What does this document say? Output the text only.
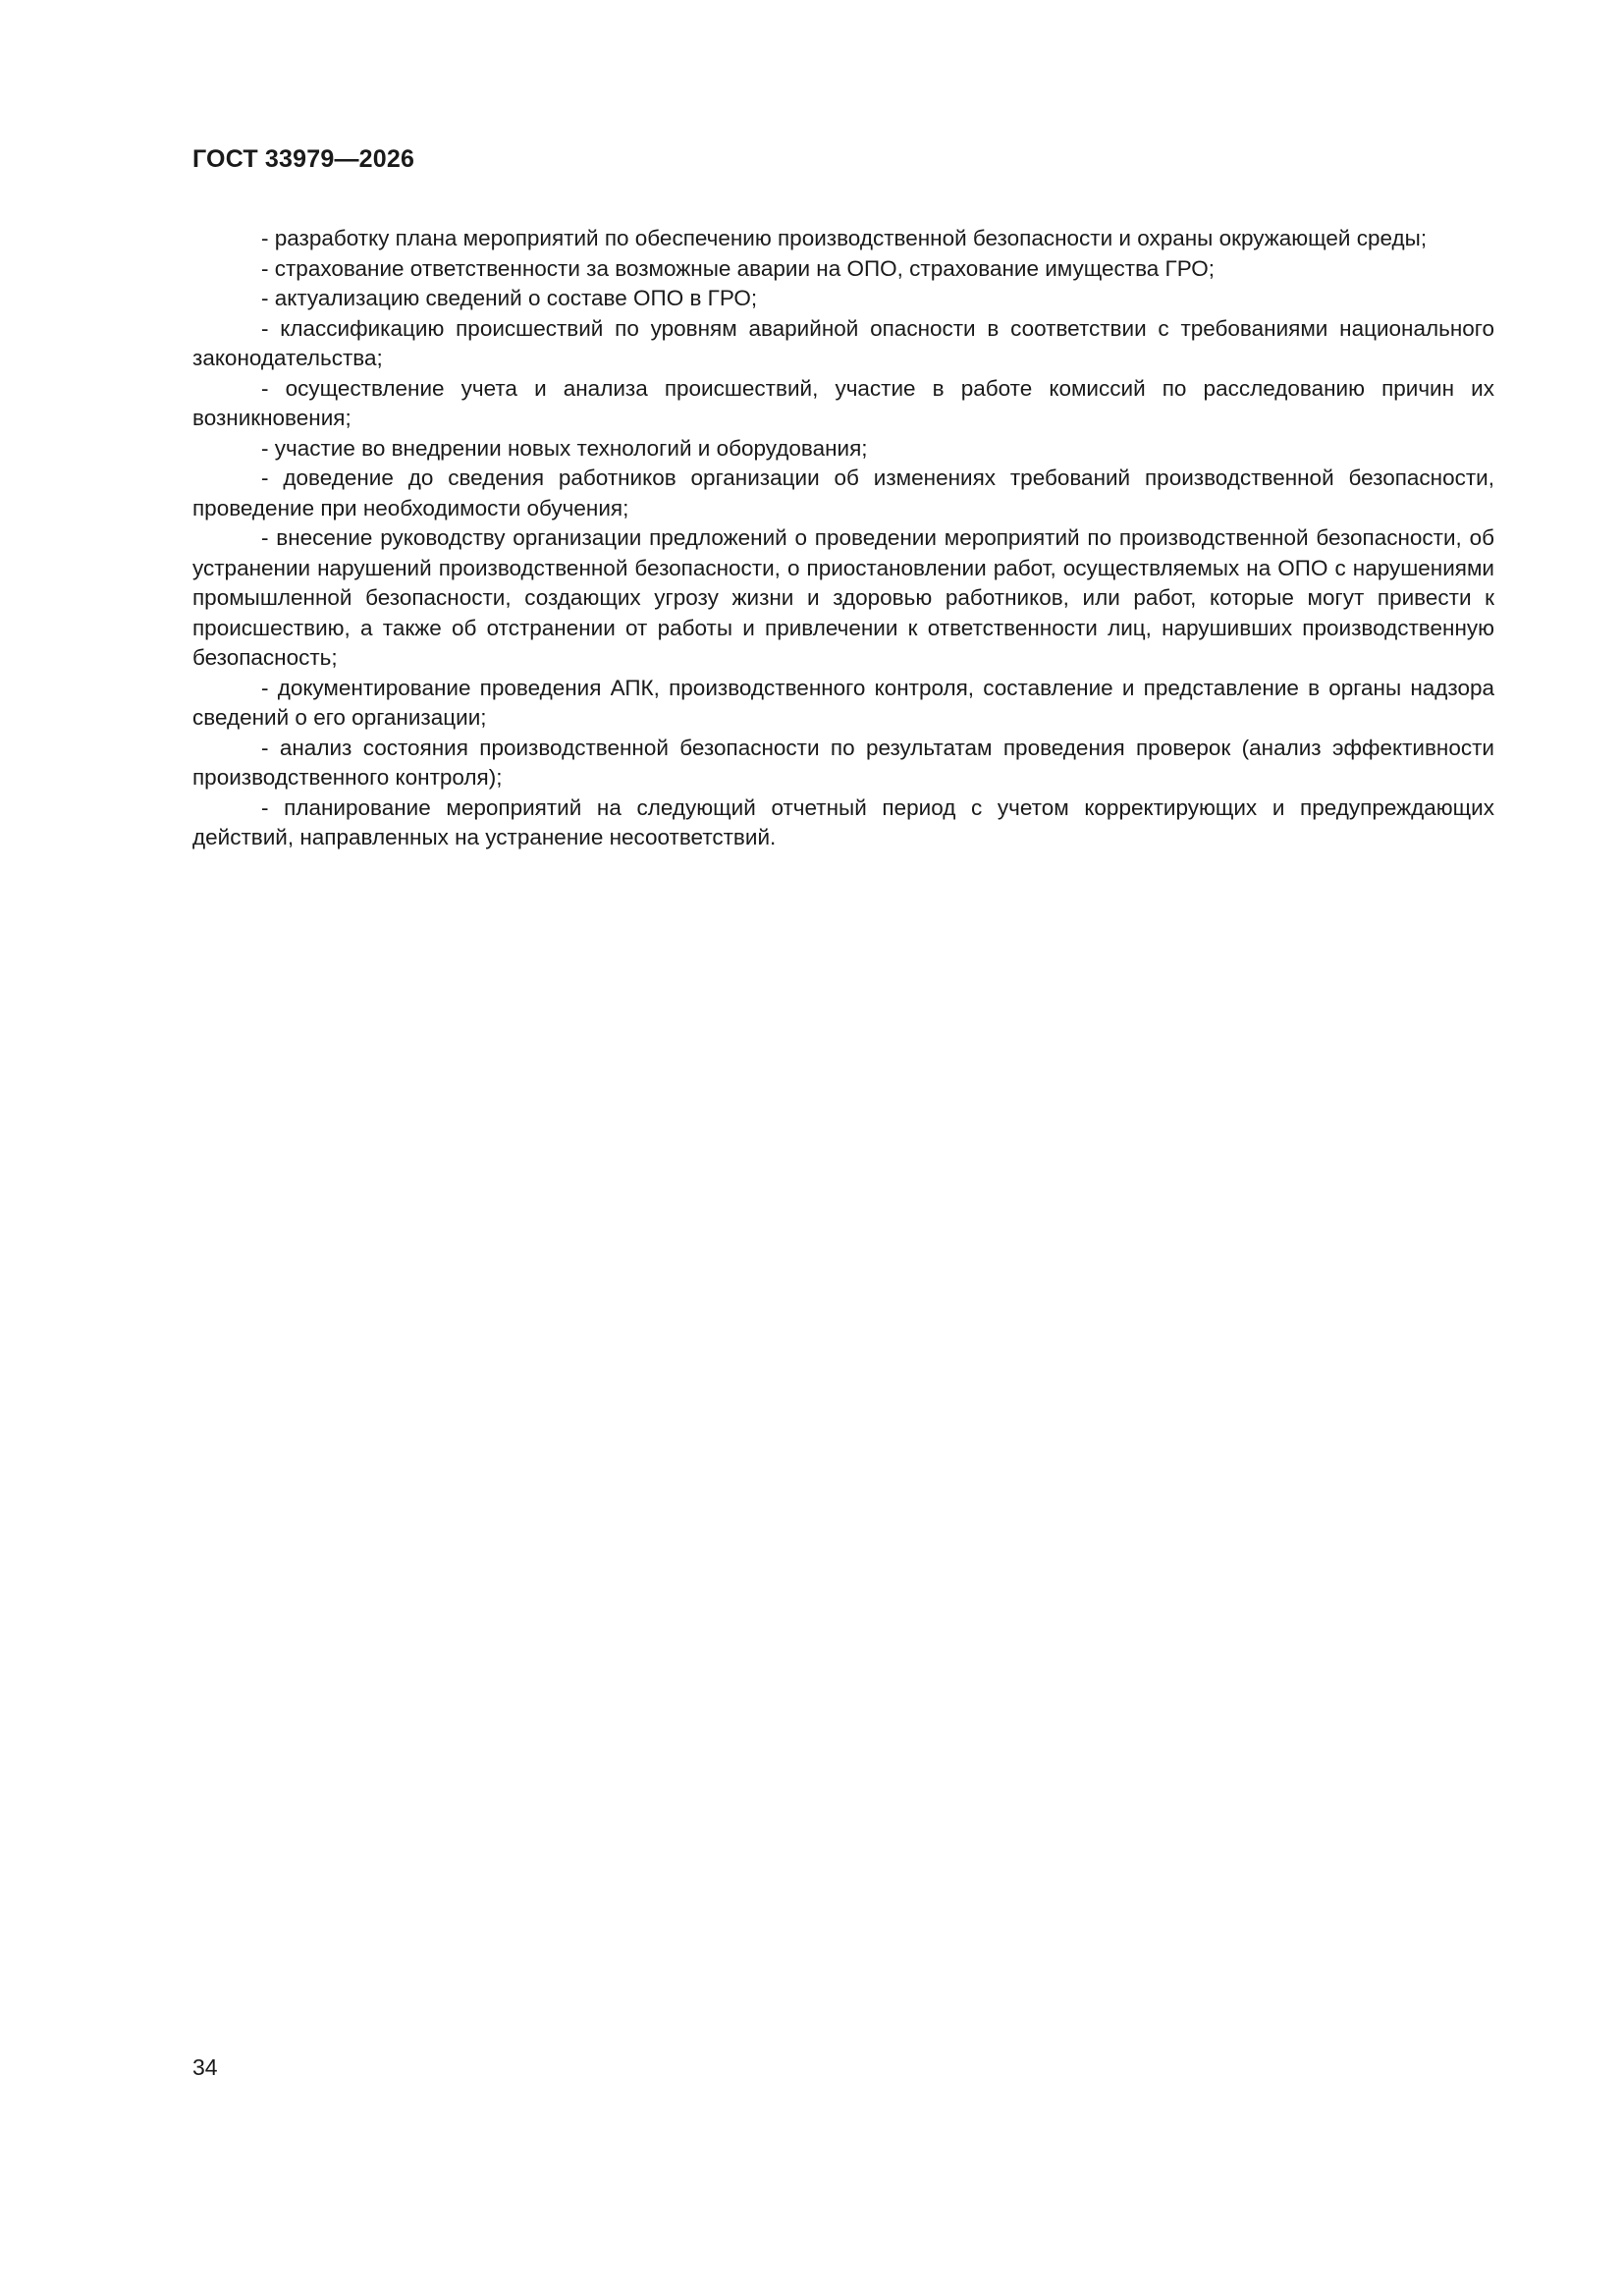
ГОСТ 33979—2026

- разработку плана мероприятий по обеспечению производственной безопасности и охраны окружающей среды;

- страхование ответственности за возможные аварии на ОПО, страхование имущества ГРО;

- актуализацию сведений о составе ОПО в ГРО;

- классификацию происшествий по уровням аварийной опасности в соответствии с требованиями национального законодательства;

- осуществление учета и анализа происшествий, участие в работе комиссий по расследованию причин их возникновения;

- участие во внедрении новых технологий и оборудования;

- доведение до сведения работников организации об изменениях требований производственной безопасности, проведение при необходимости обучения;

- внесение руководству организации предложений о проведении мероприятий по производственной безопасности, об устранении нарушений производственной безопасности, о приостановлении работ, осуществляемых на ОПО с нарушениями промышленной безопасности, создающих угрозу жизни и здоровью работников, или работ, которые могут привести к происшествию, а также об отстранении от работы и привлечении к ответственности лиц, нарушивших производственную безопасность;

- документирование проведения АПК, производственного контроля, составление и представление в органы надзора сведений о его организации;

- анализ состояния производственной безопасности по результатам проведения проверок (анализ эффективности производственного контроля);

- планирование мероприятий на следующий отчетный период с учетом корректирующих и предупреждающих действий, направленных на устранение несоответствий.

34
